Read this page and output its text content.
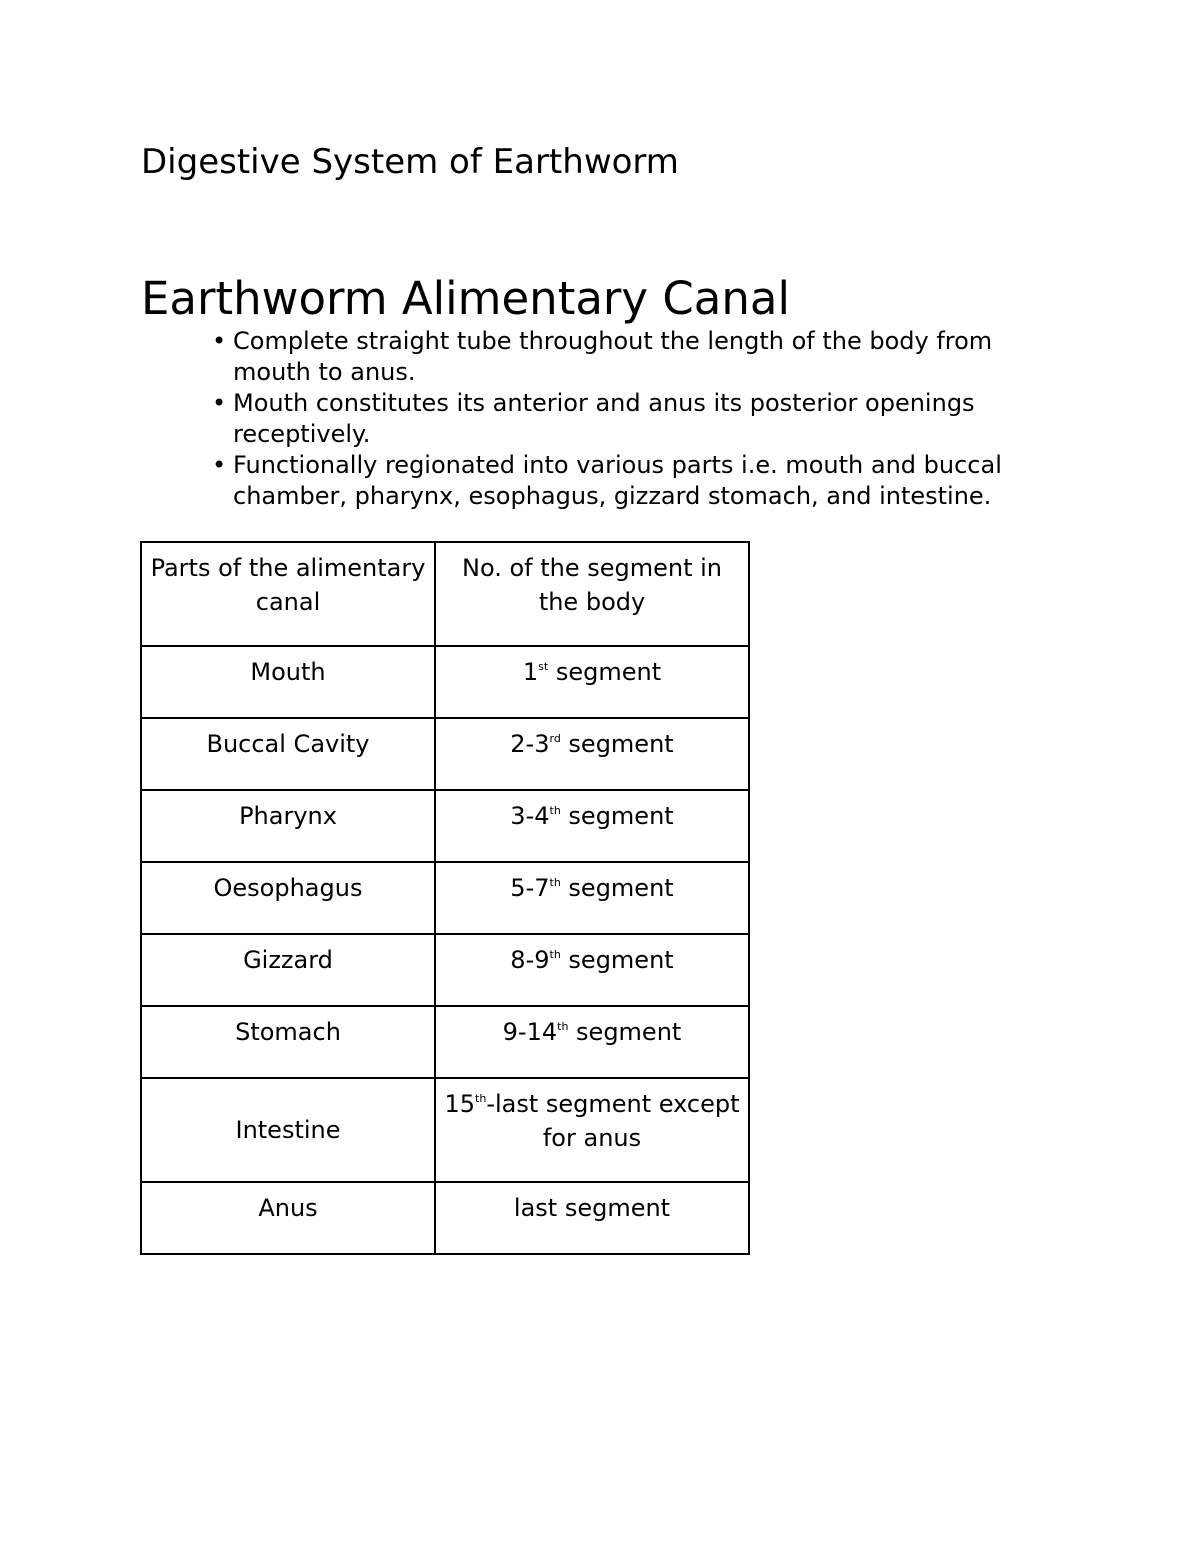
Digestive System of Earthworm
Earthworm Alimentary Canal
• Complete straight tube throughout the length of the body from mouth to anus.
• Mouth constitutes its anterior and anus its posterior openings receptively.
• Functionally regionated into various parts i.e. mouth and buccal chamber, pharynx, esophagus, gizzard stomach, and intestine.
Parts of the alimentary canal	No. of the segment in the body
Mouth	1st segment
Buccal Cavity	2-3rd segment
Pharynx	3-4th segment
Oesophagus	5-7th segment
Gizzard	8-9th segment
Stomach	9-14th segment
Intestine	15th-last segment except for anus
Anus	last segment
